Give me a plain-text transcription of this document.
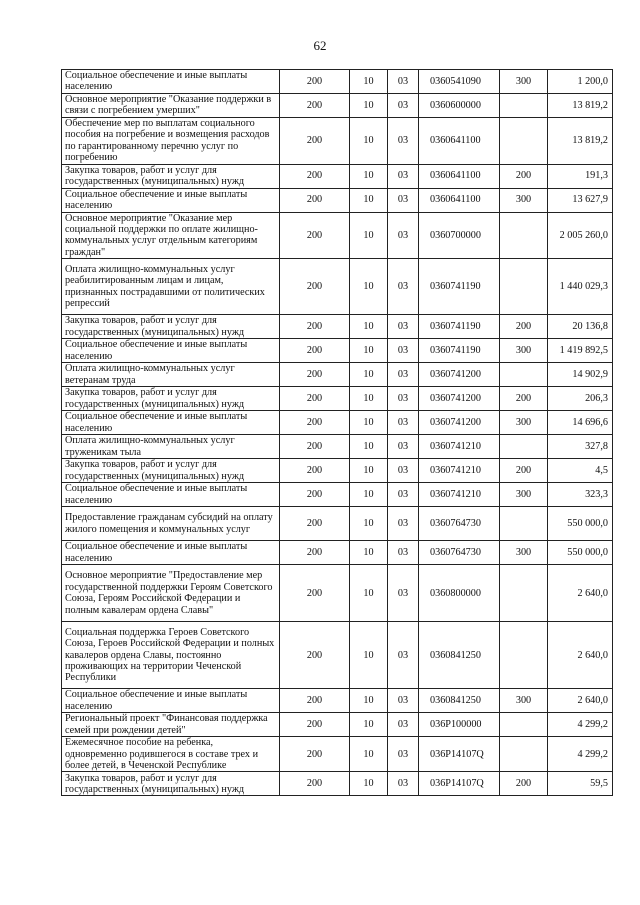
62
Социальное обеспечение и иные выплаты населению	200	10	03	0360541090	300	1 200,0
Основное мероприятие "Оказание поддержки в связи с погребением умерших"	200	10	03	0360600000		13 819,2
Обеспечение мер по выплатам социального пособия на погребение и возмещения расходов по гарантированному перечню услуг по погребению	200	10	03	0360641100		13 819,2
Закупка товаров, работ и услуг для государственных (муниципальных) нужд	200	10	03	0360641100	200	191,3
Социальное обеспечение и иные выплаты населению	200	10	03	0360641100	300	13 627,9
Основное мероприятие "Оказание мер социальной поддержки по оплате жилищно-коммунальных услуг отдельным категориям граждан"	200	10	03	0360700000		2 005 260,0
Оплата жилищно-коммунальных услуг реабилитированным лицам и лицам, признанных пострадавшими от политических репрессий	200	10	03	0360741190		1 440 029,3
Закупка товаров, работ и услуг для государственных (муниципальных) нужд	200	10	03	0360741190	200	20 136,8
Социальное обеспечение и иные выплаты населению	200	10	03	0360741190	300	1 419 892,5
Оплата жилищно-коммунальных услуг ветеранам труда	200	10	03	0360741200		14 902,9
Закупка товаров, работ и услуг для государственных (муниципальных) нужд	200	10	03	0360741200	200	206,3
Социальное обеспечение и иные выплаты населению	200	10	03	0360741200	300	14 696,6
Оплата жилищно-коммунальных услуг труженикам тыла	200	10	03	0360741210		327,8
Закупка товаров, работ и услуг для государственных (муниципальных) нужд	200	10	03	0360741210	200	4,5
Социальное обеспечение и иные выплаты населению	200	10	03	0360741210	300	323,3
Предоставление гражданам субсидий на оплату жилого помещения и коммунальных услуг	200	10	03	0360764730		550 000,0
Социальное обеспечение и иные выплаты населению	200	10	03	0360764730	300	550 000,0
Основное мероприятие "Предоставление мер государственной поддержки Героям Советского Союза, Героям Российской Федерации и полным кавалерам ордена Славы"	200	10	03	0360800000		2 640,0
Социальная поддержка Героев Советского Союза, Героев Российской Федерации и полных кавалеров ордена Славы, постоянно проживающих на территории Чеченской Республики	200	10	03	0360841250		2 640,0
Социальное обеспечение и иные выплаты населению	200	10	03	0360841250	300	2 640,0
Региональный проект "Финансовая поддержка семей при рождении детей"	200	10	03	036P100000		4 299,2
Ежемесячное пособие на ребенка, одновременно родившегося в составе трех и более детей, в Чеченской Республике	200	10	03	036P14107Q		4 299,2
Закупка товаров, работ и услуг для государственных (муниципальных) нужд	200	10	03	036P14107Q	200	59,5
